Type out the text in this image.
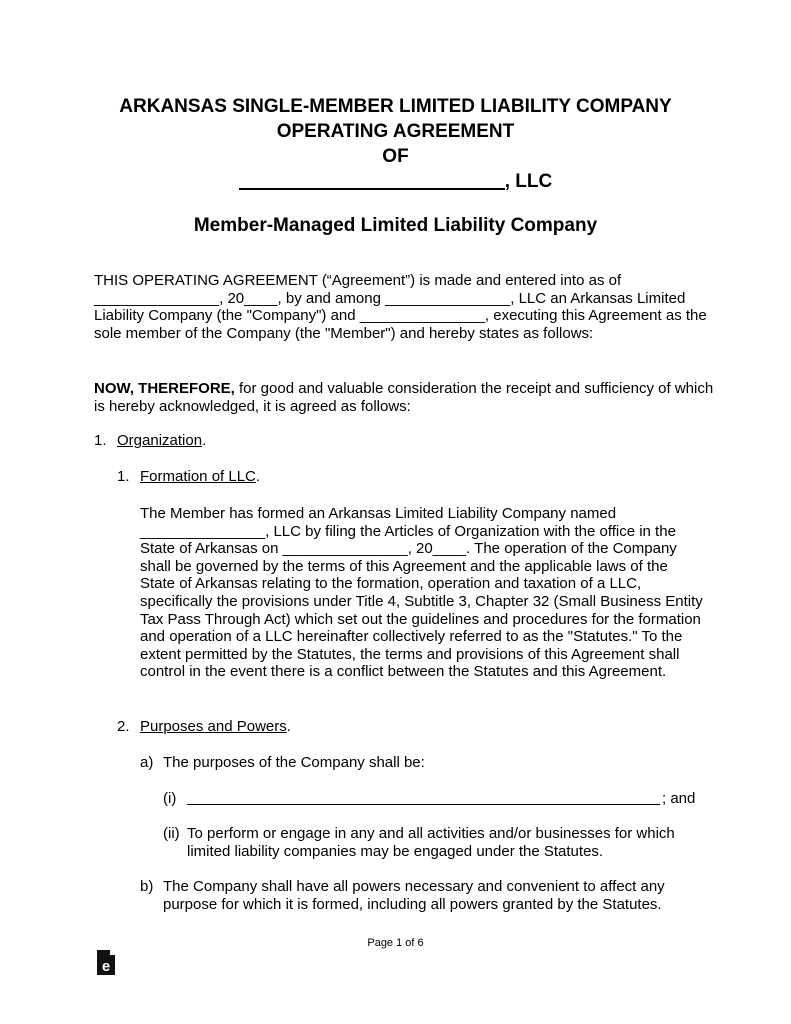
ARKANSAS SINGLE-MEMBER LIMITED LIABILITY COMPANY
OPERATING AGREEMENT
OF
, LLC
Member-Managed Limited Liability Company

THIS OPERATING AGREEMENT (“Agreement”) is made and entered into as of _______________, 20____, by and among _______________, LLC an Arkansas Limited Liability Company (the "Company") and _______________, executing this Agreement as the sole member of the Company (the "Member") and hereby states as follows:

NOW, THEREFORE, for good and valuable consideration the receipt and sufficiency of which is hereby acknowledged, it is agreed as follows:

1. Organization.
1. Formation of LLC.

The Member has formed an Arkansas Limited Liability Company named _______________, LLC by filing the Articles of Organization with the office in the State of Arkansas on _______________, 20____. The operation of the Company shall be governed by the terms of this Agreement and the applicable laws of the State of Arkansas relating to the formation, operation and taxation of a LLC, specifically the provisions under Title 4, Subtitle 3, Chapter 32 (Small Business Entity Tax Pass Through Act) which set out the guidelines and procedures for the formation and operation of a LLC hereinafter collectively referred to as the "Statutes." To the extent permitted by the Statutes, the terms and provisions of this Agreement shall control in the event there is a conflict between the Statutes and this Agreement.

2. Purposes and Powers.
a) The purposes of the Company shall be:
(i)	; and
(ii) To perform or engage in any and all activities and/or businesses for which limited liability companies may be engaged under the Statutes.

b) The Company shall have all powers necessary and convenient to affect any purpose for which it is formed, including all powers granted by the Statutes.

Page 1 of 6
e
